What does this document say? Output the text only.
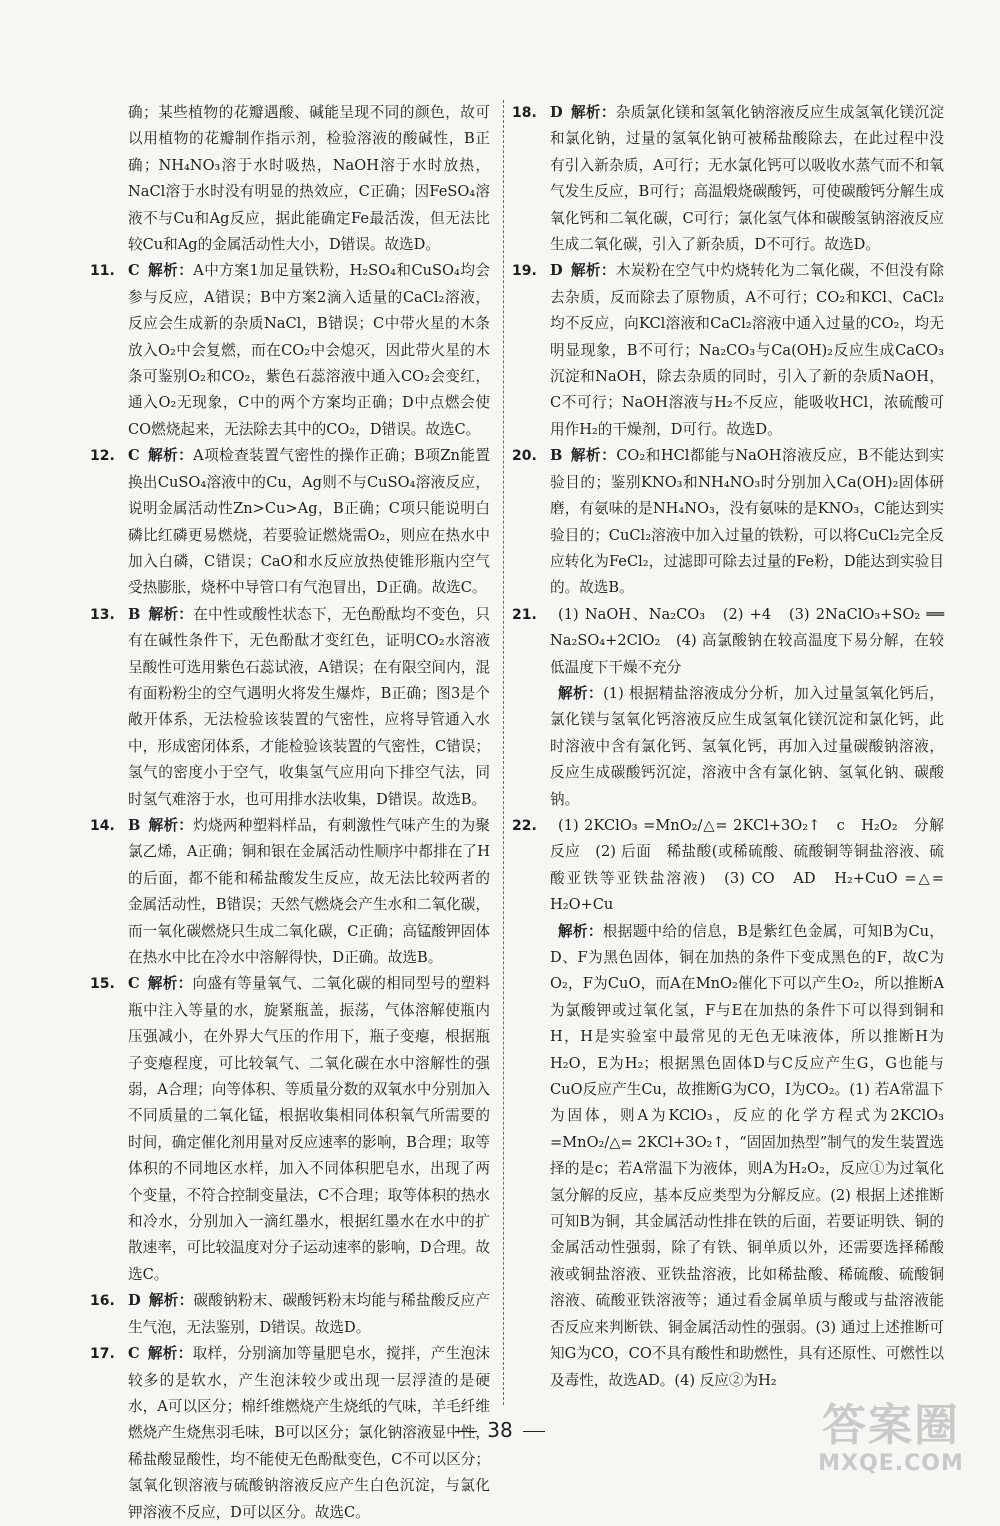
确；某些植物的花瓣遇酸、碱能呈现不同的颜色，故可以用植物的花瓣制作指示剂，检验溶液的酸碱性，B正确；NH₄NO₃溶于水时吸热，NaOH溶于水时放热，NaCl溶于水时没有明显的热效应，C正确；因FeSO₄溶液不与Cu和Ag反应，据此能确定Fe最活泼，但无法比较Cu和Ag的金属活动性大小，D错误。故选D。

11. C 解析：A中方案1加足量铁粉，H₂SO₄和CuSO₄均会参与反应，A错误；B中方案2滴入适量的CaCl₂溶液，反应会生成新的杂质NaCl，B错误；C中带火星的木条放入O₂中会复燃，而在CO₂中会熄灭，因此带火星的木条可鉴别O₂和CO₂，紫色石蕊溶液中通入CO₂会变红，通入O₂无现象，C中的两个方案均正确；D中点燃会使CO燃烧起来，无法除去其中的CO₂，D错误。故选C。
12. C 解析：A项检查装置气密性的操作正确；B项Zn能置换出CuSO₄溶液中的Cu，Ag则不与CuSO₄溶液反应，说明金属活动性Zn>Cu>Ag，B正确；C项只能说明白磷比红磷更易燃烧，若要验证燃烧需O₂，则应在热水中加入白磷，C错误；CaO和水反应放热使锥形瓶内空气受热膨胀，烧杯中导管口有气泡冒出，D正确。故选C。
13. B 解析：在中性或酸性状态下，无色酚酞均不变色，只有在碱性条件下，无色酚酞才变红色，证明CO₂水溶液呈酸性可选用紫色石蕊试液，A错误；在有限空间内，混有面粉粉尘的空气遇明火将发生爆炸，B正确；图3是个敞开体系，无法检验该装置的气密性，应将导管通入水中，形成密闭体系，才能检验该装置的气密性，C错误；氢气的密度小于空气，收集氢气应用向下排空气法，同时氢气难溶于水，也可用排水法收集，D错误。故选B。
14. B 解析：灼烧两种塑料样品，有刺激性气味产生的为聚氯乙烯，A正确；铜和银在金属活动性顺序中都排在了H的后面，都不能和稀盐酸发生反应，故无法比较两者的金属活动性，B错误；天然气燃烧会产生水和二氧化碳，而一氧化碳燃烧只生成二氧化碳，C正确；高锰酸钾固体在热水中比在冷水中溶解得快，D正确。故选B。
15. C 解析：向盛有等量氧气、二氧化碳的相同型号的塑料瓶中注入等量的水，旋紧瓶盖，振荡，气体溶解使瓶内压强减小，在外界大气压的作用下，瓶子变瘪，根据瓶子变瘪程度，可比较氧气、二氧化碳在水中溶解性的强弱，A合理；向等体积、等质量分数的双氧水中分别加入不同质量的二氧化锰，根据收集相同体积氧气所需要的时间，确定催化剂用量对反应速率的影响，B合理；取等体积的不同地区水样，加入不同体积肥皂水，出现了两个变量，不符合控制变量法，C不合理；取等体积的热水和冷水，分别加入一滴红墨水，根据红墨水在水中的扩散速率，可比较温度对分子运动速率的影响，D合理。故选C。
16. D 解析：碳酸钠粉末、碳酸钙粉末均能与稀盐酸反应产生气泡，无法鉴别，D错误。故选D。
17. C 解析：取样，分别滴加等量肥皂水，搅拌，产生泡沫较多的是软水，产生泡沫较少或出现一层浮渣的是硬水，A可以区分；棉纤维燃烧产生烧纸的气味，羊毛纤维燃烧产生烧焦羽毛味，B可以区分；氯化钠溶液显中性，稀盐酸显酸性，均不能使无色酚酞变色，C不可以区分；氢氧化钡溶液与硫酸钠溶液反应产生白色沉淀，与氯化钾溶液不反应，D可以区分。故选C。
18. D 解析：杂质氯化镁和氢氧化钠溶液反应生成氢氧化镁沉淀和氯化钠，过量的氢氧化钠可被稀盐酸除去，在此过程中没有引入新杂质，A可行；无水氯化钙可以吸收水蒸气而不和氧气发生反应，B可行；高温煅烧碳酸钙，可使碳酸钙分解生成氧化钙和二氧化碳，C可行；氯化氢气体和碳酸氢钠溶液反应生成二氧化碳，引入了新杂质，D不可行。故选D。
19. D 解析：木炭粉在空气中灼烧转化为二氧化碳，不但没有除去杂质，反而除去了原物质，A不可行；CO₂和KCl、CaCl₂均不反应，向KCl溶液和CaCl₂溶液中通入过量的CO₂，均无明显现象，B不可行；Na₂CO₃与Ca(OH)₂反应生成CaCO₃沉淀和NaOH，除去杂质的同时，引入了新的杂质NaOH，C不可行；NaOH溶液与H₂不反应，能吸收HCl，浓硫酸可用作H₂的干燥剂，D可行。故选D。
20. B 解析：CO₂和HCl都能与NaOH溶液反应，B不能达到实验目的；鉴别KNO₃和NH₄NO₃时分别加入Ca(OH)₂固体研磨，有氨味的是NH₄NO₃，没有氨味的是KNO₃，C能达到实验目的；CuCl₂溶液中加入过量的铁粉，可以将CuCl₂完全反应转化为FeCl₂，过滤即可除去过量的Fe粉，D能达到实验目的。故选B。
21.	(1) NaOH、Na₂CO₃　(2) +4　(3) 2NaClO₃+SO₂ ══ Na₂SO₄+2ClO₂　(4) 高氯酸钠在较高温度下易分解，在较低温度下干燥不充分
解析：(1) 根据精盐溶液成分分析，加入过量氢氧化钙后，氯化镁与氢氧化钙溶液反应生成氢氧化镁沉淀和氯化钙，此时溶液中含有氯化钙、氢氧化钙，再加入过量碳酸钠溶液，反应生成碳酸钙沉淀，溶液中含有氯化钠、氢氧化钠、碳酸钠。
22.	(1) 2KClO₃ =MnO₂/△= 2KCl+3O₂↑　c　H₂O₂　分解反应　(2) 后面　稀盐酸(或稀硫酸、硫酸铜等铜盐溶液、硫酸亚铁等亚铁盐溶液)　(3) CO　AD　H₂+CuO =△= H₂O+Cu
解析：根据题中给的信息，B是紫红色金属，可知B为Cu，D、F为黑色固体，铜在加热的条件下变成黑色的F，故C为O₂，F为CuO，而A在MnO₂催化下可以产生O₂，所以推断A为氯酸钾或过氧化氢，F与E在加热的条件下可以得到铜和H，H是实验室中最常见的无色无味液体，所以推断H为H₂O，E为H₂；根据黑色固体D与C反应产生G，G也能与CuO反应产生Cu，故推断G为CO，I为CO₂。(1) 若A常温下为固体，则A为KClO₃，反应的化学方程式为2KClO₃ =MnO₂/△= 2KCl+3O₂↑，“固固加热型”制气的发生装置选择的是c；若A常温下为液体，则A为H₂O₂，反应①为过氧化氢分解的反应，基本反应类型为分解反应。(2) 根据上述推断可知B为铜，其金属活动性排在铁的后面，若要证明铁、铜的金属活动性强弱，除了有铁、铜单质以外，还需要选择稀酸液或铜盐溶液、亚铁盐溶液，比如稀盐酸、稀硫酸、硫酸铜溶液、硫酸亚铁溶液等；通过看金属单质与酸或与盐溶液能否反应来判断铁、铜金属活动性的强弱。(3) 通过上述推断可知G为CO，CO不具有酸性和助燃性，具有还原性、可燃性以及毒性，故选AD。(4) 反应②为H₂
38	答案圈
MXQE.COM
